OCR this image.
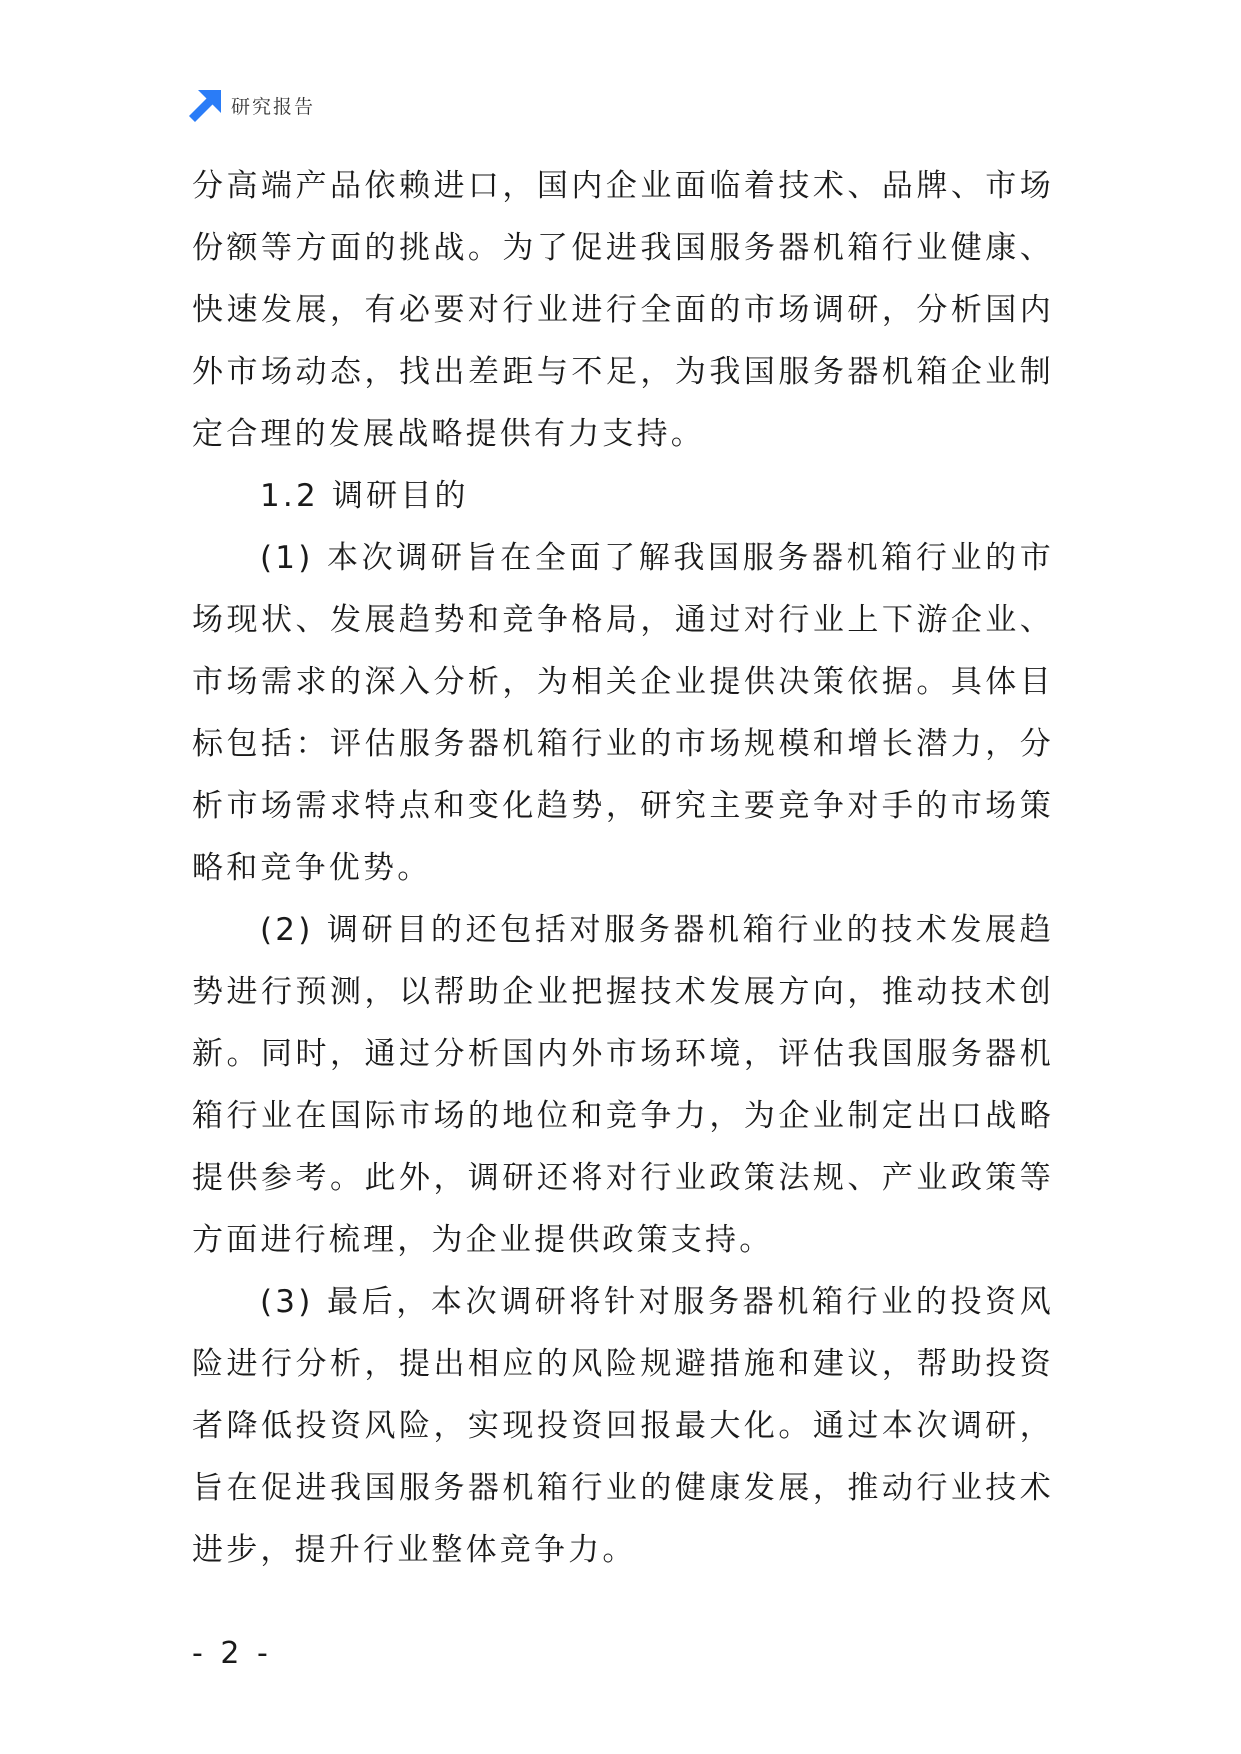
研究报告

分高端产品依赖进口，国内企业面临着技术、品牌、市场份额等方面的挑战。为了促进我国服务器机箱行业健康、快速发展，有必要对行业进行全面的市场调研，分析国内外市场动态，找出差距与不足，为我国服务器机箱企业制定合理的发展战略提供有力支持。

1.2 调研目的

(1) 本次调研旨在全面了解我国服务器机箱行业的市场现状、发展趋势和竞争格局，通过对行业上下游企业、市场需求的深入分析，为相关企业提供决策依据。具体目标包括：评估服务器机箱行业的市场规模和增长潜力，分析市场需求特点和变化趋势，研究主要竞争对手的市场策略和竞争优势。

(2) 调研目的还包括对服务器机箱行业的技术发展趋势进行预测，以帮助企业把握技术发展方向，推动技术创新。同时，通过分析国内外市场环境，评估我国服务器机箱行业在国际市场的地位和竞争力，为企业制定出口战略提供参考。此外，调研还将对行业政策法规、产业政策等方面进行梳理，为企业提供政策支持。

(3) 最后，本次调研将针对服务器机箱行业的投资风险进行分析，提出相应的风险规避措施和建议，帮助投资者降低投资风险，实现投资回报最大化。通过本次调研，旨在促进我国服务器机箱行业的健康发展，推动行业技术进步，提升行业整体竞争力。

- 2 -
